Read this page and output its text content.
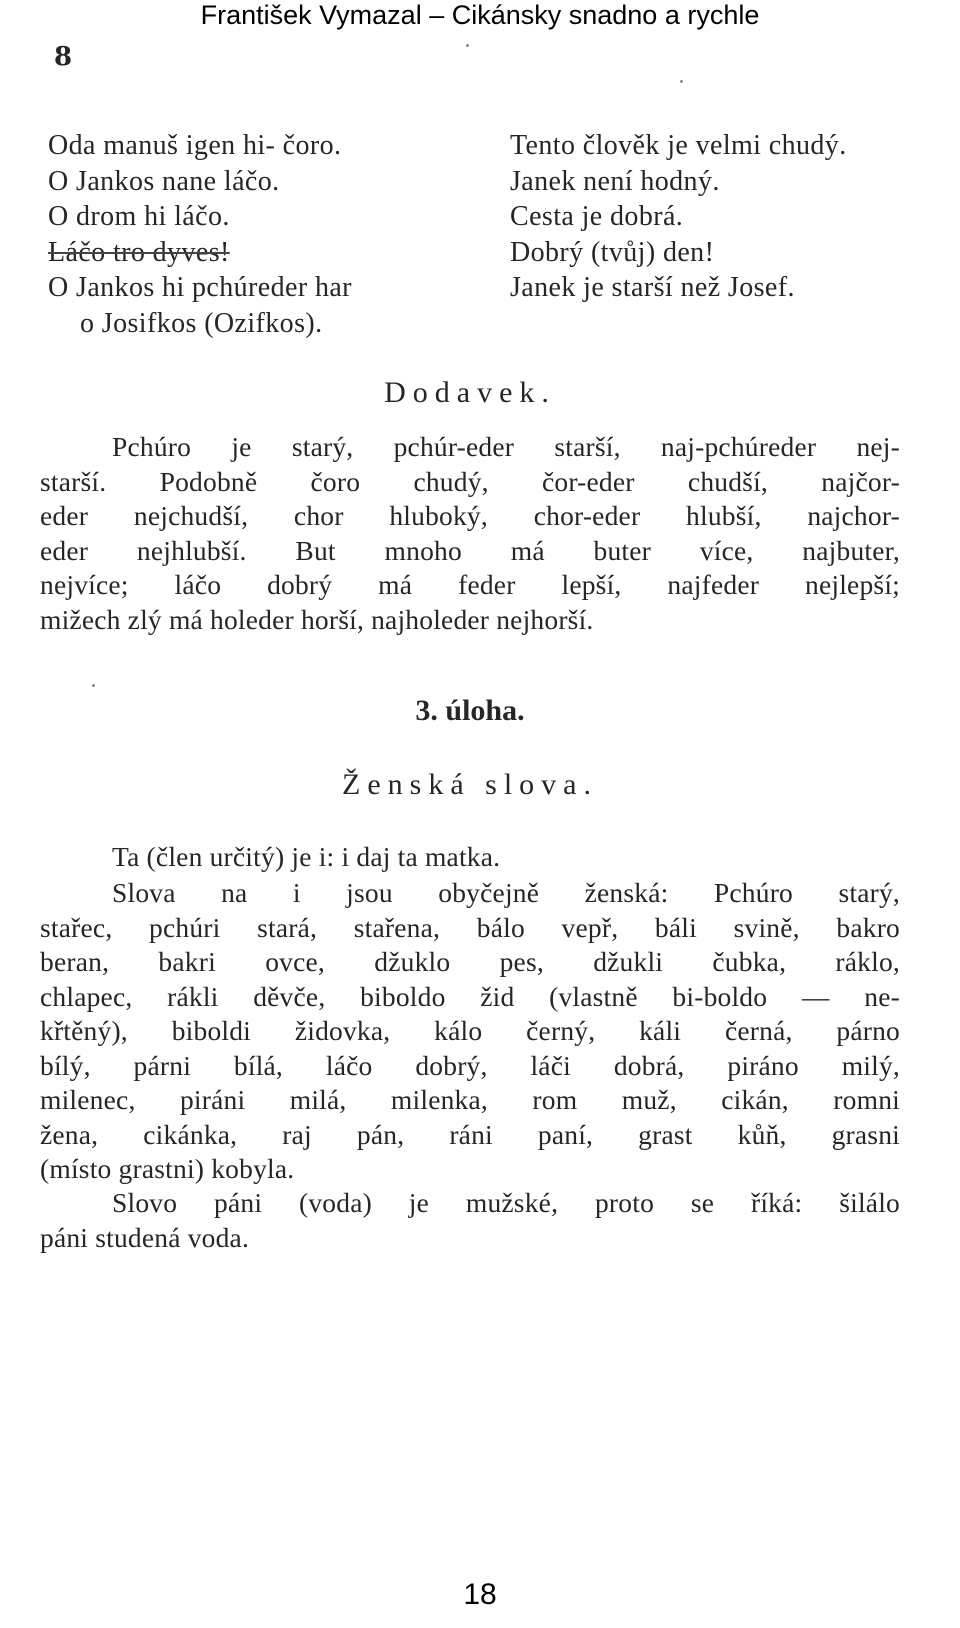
František Vymazal – Cikánsky snadno a rychle
8
Oda manuš igen hi- čoro.
O Jankos nane láčo.
O drom hi láčo.
Láčo tro dyves!
O Jankos hi pchúreder har
o Josifkos (Ozifkos).
Tento člověk je velmi chudý.
Janek není hodný.
Cesta je dobrá.
Dobrý (tvůj) den!
Janek je starší než Josef.
Dodavek.
Pchúro je starý, pchúr-eder starší, naj-pchúreder nej-
starší. Podobně čoro chudý, čor-eder chudší, najčor-
eder nejchudší, chor hluboký, chor-eder hlubší, najchor-
eder nejhlubší. But mnoho má buter více, najbuter,
nejvíce; láčo dobrý má feder lepší, najfeder nejlepší;
mižech zlý má holeder horší, najholeder nejhorší.
3. úloha.
Ženská slova.
Ta (člen určitý) je i: i daj ta matka.
Slova na i jsou obyčejně ženská: Pchúro starý,
stařec, pchúri stará, stařena, bálo vepř, báli svině, bakro
beran, bakri ovce, džuklo pes, džukli čubka, ráklo,
chlapec, rákli děvče, biboldo žid (vlastně bi-boldo — ne-
křtěný), biboldi židovka, kálo černý, káli černá, párno
bílý, párni bílá, láčo dobrý, láči dobrá, piráno milý,
milenec, piráni milá, milenka, rom muž, cikán, romni
žena, cikánka, raj pán, ráni paní, grast kůň, grasni
(místo grastni) kobyla.
Slovo páni (voda) je mužské, proto se říká: šilálo
páni studená voda.
18
